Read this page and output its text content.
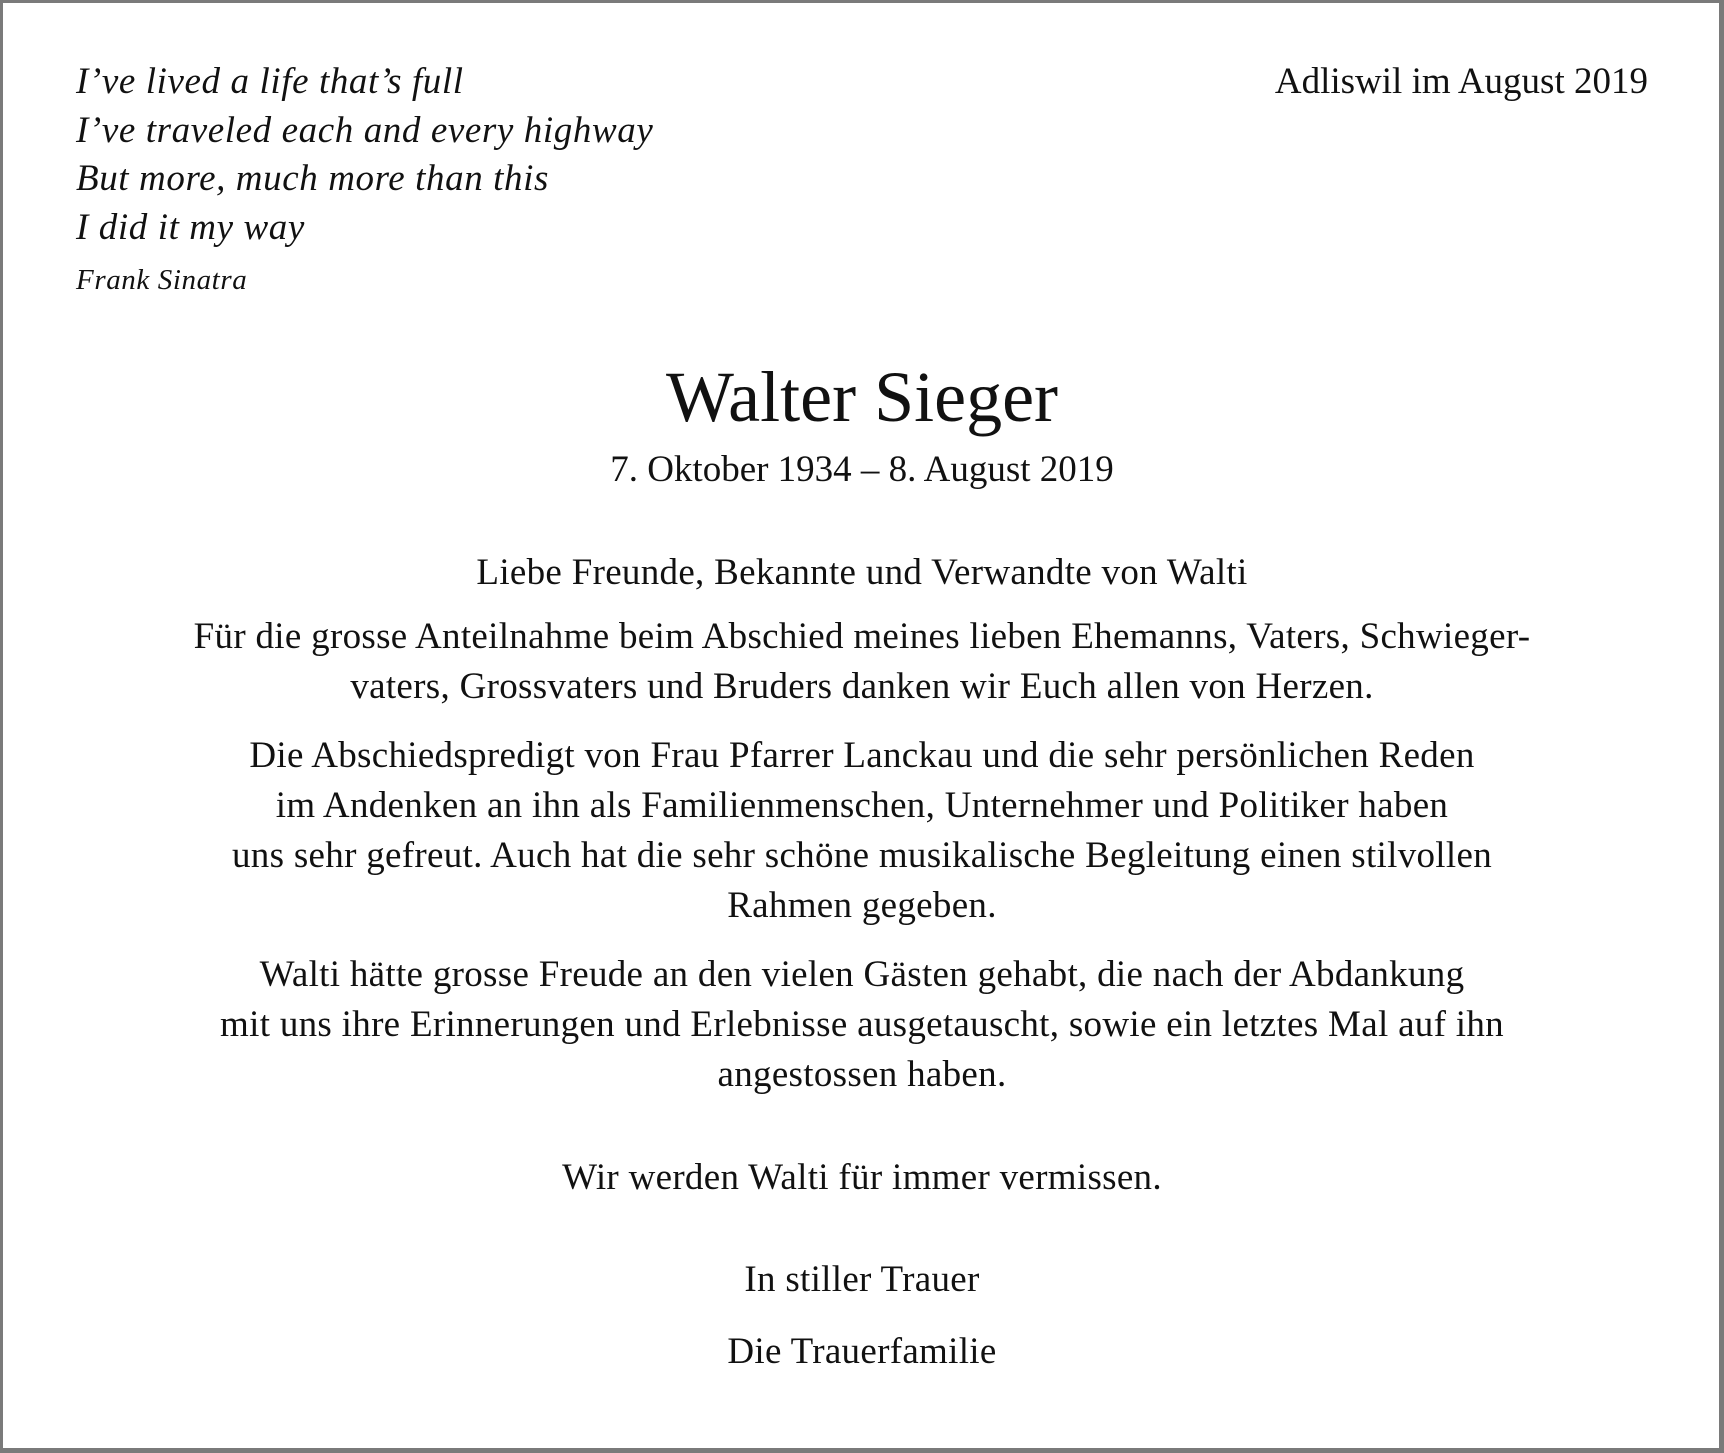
I’ve lived a life that’s full
I’ve traveled each and every highway
But more, much more than this
I did it my way
Frank Sinatra
Adliswil im August 2019
Walter Sieger
7. Oktober 1934 – 8. August 2019
Liebe Freunde, Bekannte und Verwandte von Walti
Für die grosse Anteilnahme beim Abschied meines lieben Ehemanns, Vaters, Schwieger-
vaters, Grossvaters und Bruders danken wir Euch allen von Herzen.
Die Abschiedspredigt von Frau Pfarrer Lanckau und die sehr persönlichen Reden
im Andenken an ihn als Familienmenschen, Unternehmer und Politiker haben
uns sehr gefreut. Auch hat die sehr schöne musikalische Begleitung einen stilvollen
Rahmen gegeben.
Walti hätte grosse Freude an den vielen Gästen gehabt, die nach der Abdankung
mit uns ihre Erinnerungen und Erlebnisse ausgetauscht, sowie ein letztes Mal auf ihn
angestossen haben.
Wir werden Walti für immer vermissen.
In stiller Trauer
Die Trauerfamilie
